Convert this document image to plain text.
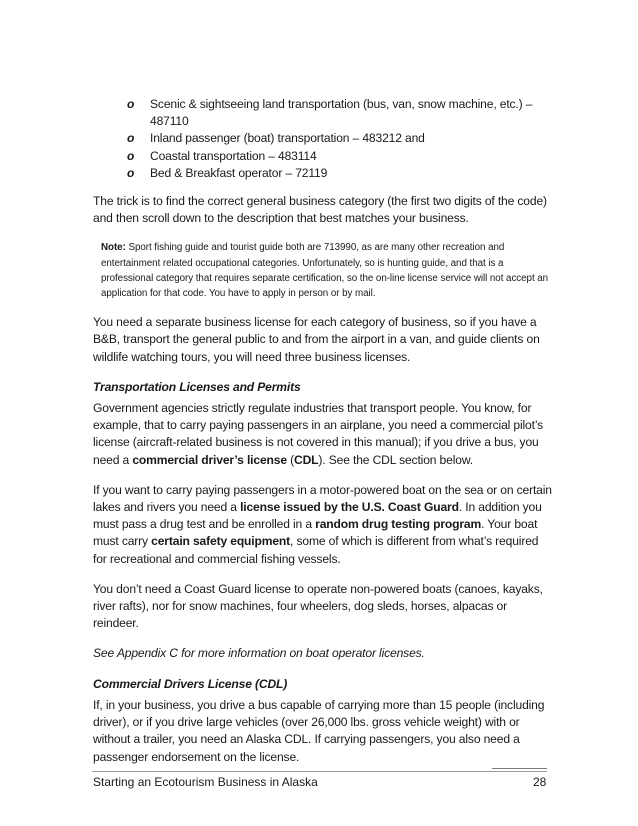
o Scenic & sightseeing land transportation (bus, van, snow machine, etc.) – 487110
o Inland passenger (boat) transportation – 483212 and
o Coastal transportation – 483114
o Bed & Breakfast operator – 72119

The trick is to find the correct general business category (the first two digits of the code) and then scroll down to the description that best matches your business.

Note: Sport fishing guide and tourist guide both are 713990, as are many other recreation and entertainment related occupational categories. Unfortunately, so is hunting guide, and that is a professional category that requires separate certification, so the on-line license service will not accept an application for that code. You have to apply in person or by mail.

You need a separate business license for each category of business, so if you have a B&B, transport the general public to and from the airport in a van, and guide clients on wildlife watching tours, you will need three business licenses.

Transportation Licenses and Permits

Government agencies strictly regulate industries that transport people. You know, for example, that to carry paying passengers in an airplane, you need a commercial pilot’s license (aircraft-related business is not covered in this manual); if you drive a bus, you need a commercial driver’s license (CDL). See the CDL section below.

If you want to carry paying passengers in a motor-powered boat on the sea or on certain lakes and rivers you need a license issued by the U.S. Coast Guard. In addition you must pass a drug test and be enrolled in a random drug testing program. Your boat must carry certain safety equipment, some of which is different from what’s required for recreational and commercial fishing vessels.

You don’t need a Coast Guard license to operate non-powered boats (canoes, kayaks, river rafts), nor for snow machines, four wheelers, dog sleds, horses, alpacas or reindeer.

See Appendix C for more information on boat operator licenses.

Commercial Drivers License (CDL)

If, in your business, you drive a bus capable of carrying more than 15 people (including driver), or if you drive large vehicles (over 26,000 lbs. gross vehicle weight) with or without a trailer, you need an Alaska CDL. If carrying passengers, you also need a passenger endorsement on the license.

Starting an Ecotourism Business in Alaska	28
